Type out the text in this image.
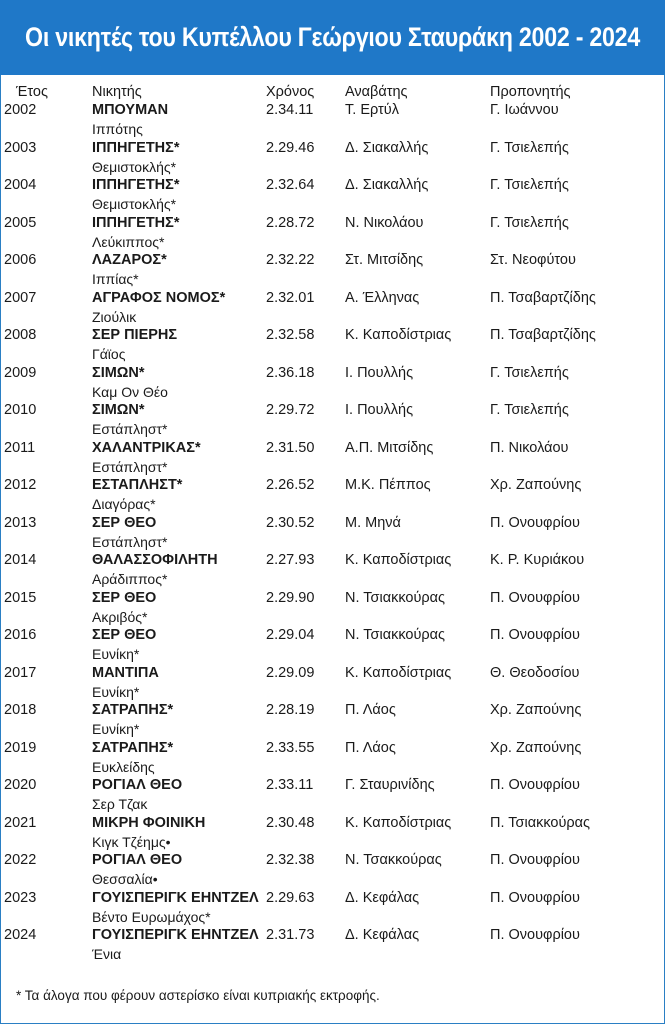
Οι νικητές του Κυπέλλου Γεώργιου Σταυράκη 2002 - 2024
Έτος	Νικητής	Χρόνος Αναβάτης	Προπονητής
2002	ΜΠΟΥΜΑΝ	2.34.11 Τ. Ερτύλ	Γ. Ιωάννου
Ιππότης
2003	ΙΠΠΗΓΕΤΗΣ*	2.29.46 Δ. Σιακαλλής	Γ. Τσιελεπής
Θεμιστοκλής*
2004	ΙΠΠΗΓΕΤΗΣ*	2.32.64 Δ. Σιακαλλής	Γ. Τσιελεπής
Θεμιστοκλής*
2005	ΙΠΠΗΓΕΤΗΣ*	2.28.72 Ν. Νικολάου	Γ. Τσιελεπής
Λεύκιππος*
2006	ΛΑΖΑΡΟΣ*	2.32.22 Στ. Μιτσίδης	Στ. Νεοφύτου
Ιππίας*
2007	ΑΓΡΑΦΟΣ ΝΟΜΟΣ*	2.32.01 Α. Έλληνας	Π. Τσαβαρτζίδης
Ζιούλικ
2008	ΣΕΡ ΠΙΕΡΗΣ	2.32.58 Κ. Καποδίστριας	Π. Τσαβαρτζίδης
Γάϊος
2009	ΣΙΜΩΝ*	2.36.18 Ι. Πουλλής	Γ. Τσιελεπής
Καμ Ον Θέο
2010	ΣΙΜΩΝ*	2.29.72 Ι. Πουλλής	Γ. Τσιελεπής
Εστάπληστ*
2011	ΧΑΛΑΝΤΡΙΚΑΣ*	2.31.50 Α.Π. Μιτσίδης	Π. Νικολάου
Εστάπληστ*
2012	ΕΣΤΑΠΛΗΣΤ*	2.26.52 Μ.Κ. Πέππος	Χρ. Ζαπούνης
Διαγόρας*
2013	ΣΕΡ ΘΕΟ	2.30.52 Μ. Μηνά	Π. Ονουφρίου
Εστάπληστ*
2014	ΘΑΛΑΣΣΟΦΙΛΗΤΗ	2.27.93 Κ. Καποδίστριας	Κ. Ρ. Κυριάκου
Αράδιππος*
2015	ΣΕΡ ΘΕΟ	2.29.90 Ν. Τσιακκούρας	Π. Ονουφρίου
Ακριβός*
2016	ΣΕΡ ΘΕΟ	2.29.04 Ν. Τσιακκούρας	Π. Ονουφρίου
Ευνίκη*
2017	ΜΑΝΤΙΠΑ	2.29.09 Κ. Καποδίστριας	Θ. Θεοδοσίου
Ευνίκη*
2018	ΣΑΤΡΑΠΗΣ*	2.28.19 Π. Λάος	Χρ. Ζαπούνης
Ευνίκη*
2019	ΣΑΤΡΑΠΗΣ*	2.33.55 Π. Λάος	Χρ. Ζαπούνης
Ευκλείδης
2020	ΡΟΓΙΑΛ ΘΕΟ	2.33.11 Γ. Σταυρινίδης	Π. Ονουφρίου
Σερ Τζακ
2021	ΜΙΚΡΗ ΦΟΙΝΙΚΗ	2.30.48 Κ. Καποδίστριας	Π. Τσιακκούρας
Κιγκ Τζέημς•
2022	ΡΟΓΙΑΛ ΘΕΟ	2.32.38 Ν. Τσακκούρας	Π. Ονουφρίου
Θεσσαλία•
2023	ΓΟΥΙΣΠΕΡΙΓΚ ΕΗΝΤΖΕΛ 2.29.63 Δ. Κεφάλας	Π. Ονουφρίου
Βέντο Ευρωμάχος*
2024	ΓΟΥΙΣΠΕΡΙΓΚ ΕΗΝΤΖΕΛ 2.31.73 Δ. Κεφάλας	Π. Ονουφρίου
Ένια
* Τα άλογα που φέρουν αστερίσκο είναι κυπριακής εκτροφής.
